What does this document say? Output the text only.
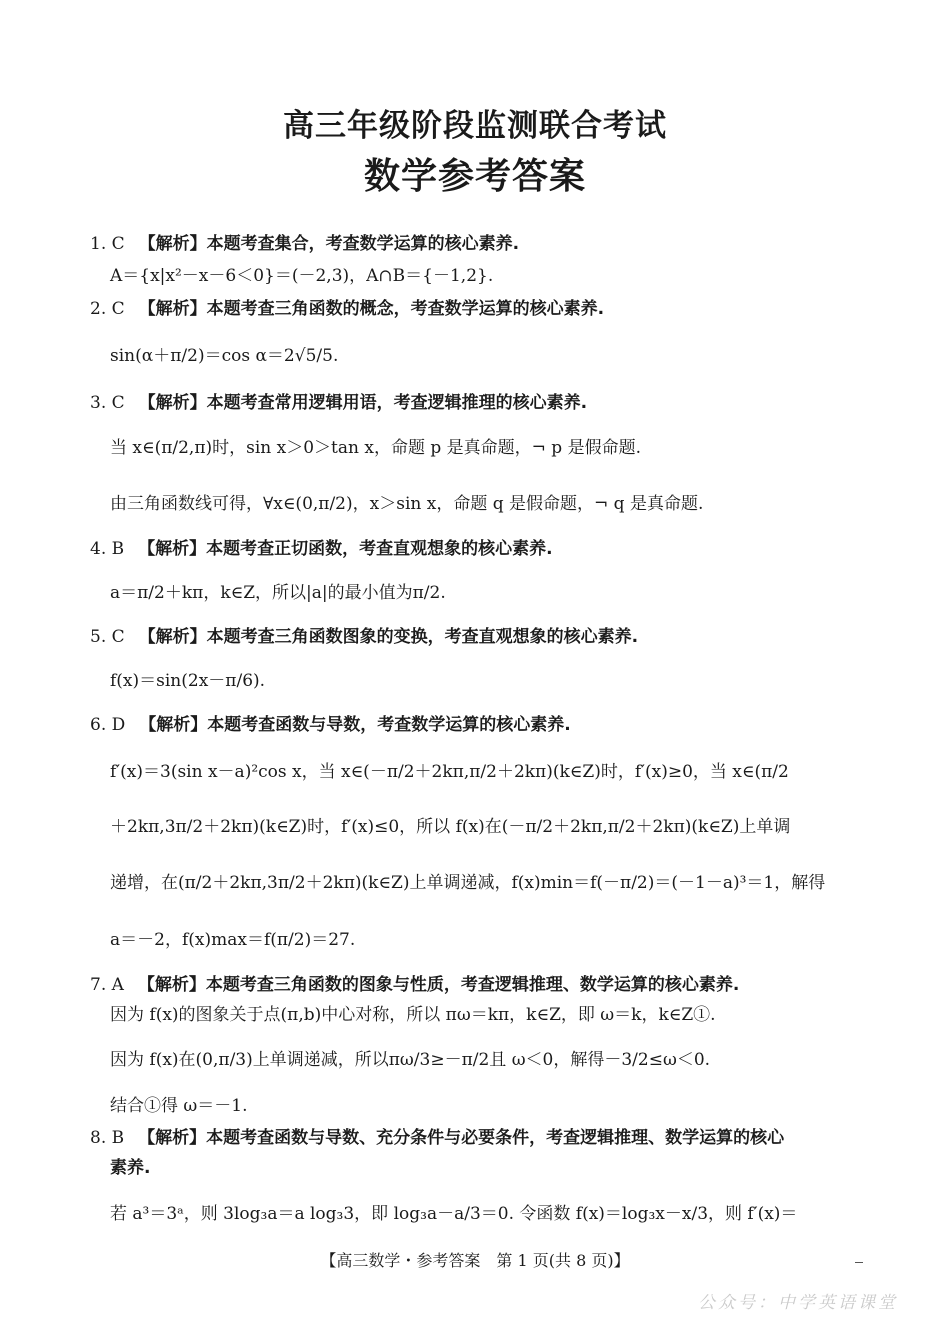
高三年级阶段监测联合考试
数学参考答案
1. C 【解析】本题考查集合，考查数学运算的核心素养.
A＝{x|x²－x－6＜0}＝(－2,3)，A∩B＝{－1,2}.
2. C 【解析】本题考查三角函数的概念，考查数学运算的核心素养.
sin(α＋π/2)＝cos α＝2√5/5.
3. C 【解析】本题考查常用逻辑用语，考查逻辑推理的核心素养.
当 x∈(π/2,π)时，sin x＞0＞tan x，命题 p 是真命题，¬ p 是假命题.
由三角函数线可得，∀x∈(0,π/2)，x＞sin x，命题 q 是假命题，¬ q 是真命题.
4. B 【解析】本题考查正切函数，考查直观想象的核心素养.
a＝π/2＋kπ，k∈Z，所以|a|的最小值为π/2.
5. C 【解析】本题考查三角函数图象的变换，考查直观想象的核心素养.
f(x)＝sin(2x－π/6).
6. D 【解析】本题考查函数与导数，考查数学运算的核心素养.
f′(x)＝3(sin x－a)²cos x，当 x∈(－π/2＋2kπ,π/2＋2kπ)(k∈Z)时，f′(x)≥0，当 x∈(π/2
＋2kπ,3π/2＋2kπ)(k∈Z)时，f′(x)≤0，所以 f(x)在(－π/2＋2kπ,π/2＋2kπ)(k∈Z)上单调
递增，在(π/2＋2kπ,3π/2＋2kπ)(k∈Z)上单调递减，f(x)min＝f(－π/2)＝(－1－a)³＝1，解得
a＝－2，f(x)max＝f(π/2)＝27.
7. A 【解析】本题考查三角函数的图象与性质，考查逻辑推理、数学运算的核心素养.
因为 f(x)的图象关于点(π,b)中心对称，所以 πω＝kπ，k∈Z，即 ω＝k，k∈Z①.
因为 f(x)在(0,π/3)上单调递减，所以πω/3≥－π/2且 ω＜0，解得－3/2≤ω＜0.
结合①得 ω＝－1.
8. B 【解析】本题考查函数与导数、充分条件与必要条件，考查逻辑推理、数学运算的核心
素养.
若 a³＝3ᵃ，则 3log₃a＝a log₃3，即 log₃a－a/3＝0. 令函数 f(x)＝log₃x－x/3，则 f′(x)＝
【高三数学・参考答案　第 1 页(共 8 页)】
公众号：中学英语课堂
